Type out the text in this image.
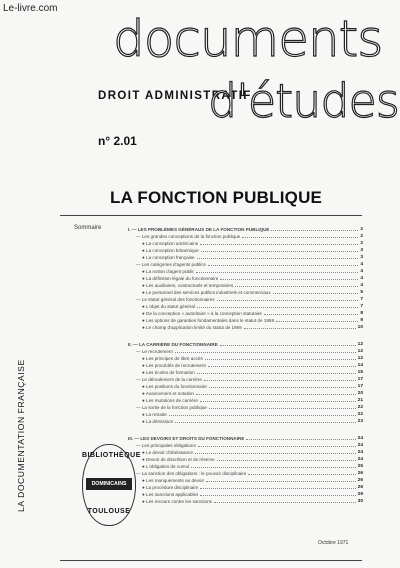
Le-livre.com
documents
DROIT ADMINISTRATIF
d'études
n° 2.01
LA FONCTION PUBLIQUE
Sommaire
LA DOCUMENTATION FRANÇAISE
I. — LES PROBLÈMES GÉNÉRAUX DE LA FONCTION PUBLIQUE	2
— Les grandes conceptions de la fonction publique	2
● La conception américaine	2
● La conception britannique	3
● La conception française	3
— Les catégories d'agents publics	4
● La notion d'agent public	4
● La définition légale du fonctionnaire	4
● Les auxiliaires, contractuels et temporaires	4
● Le personnel des services publics industriels et commerciaux	5
— Le statut général des fonctionnaires	7
● L'objet du statut général	7
● De la conception « autoritaire » à la conception statutaire	8
● Les options de garanties fondamentales dans le statut de 1959	9
● Le champ d'application limité du statut de 1959	10
II. — LA CARRIÈRE DU FONCTIONNAIRE	12
— Le recrutement	12
● Les principes de libre accès	12
● Les procédés de recrutement	14
● Les écoles de formation	15
— Le déroulement de la carrière	17
● Les positions du fonctionnaire	17
● Avancement et notation	20
● Les mutations de carrière	21
— La sortie de la fonction publique	22
● La retraite	22
● La démission	23
III. — LES DEVOIRS ET DROITS DU FONCTIONNAIRE	24
— Les principales obligations	24
● Le devoir d'obéissance	24
● Devoir de discrétion et de réserve	24
● L'obligation de cumul	25
— La sanction des obligations : le pouvoir disciplinaire	26
● Les manquements au devoir	26
● La procédure disciplinaire	26
● Les sanctions applicables	29
● Les recours contre les sanctions	30
BIBLIOTHÈQUE
DOMINICAINS
TOULOUSE
Octobre 1971
